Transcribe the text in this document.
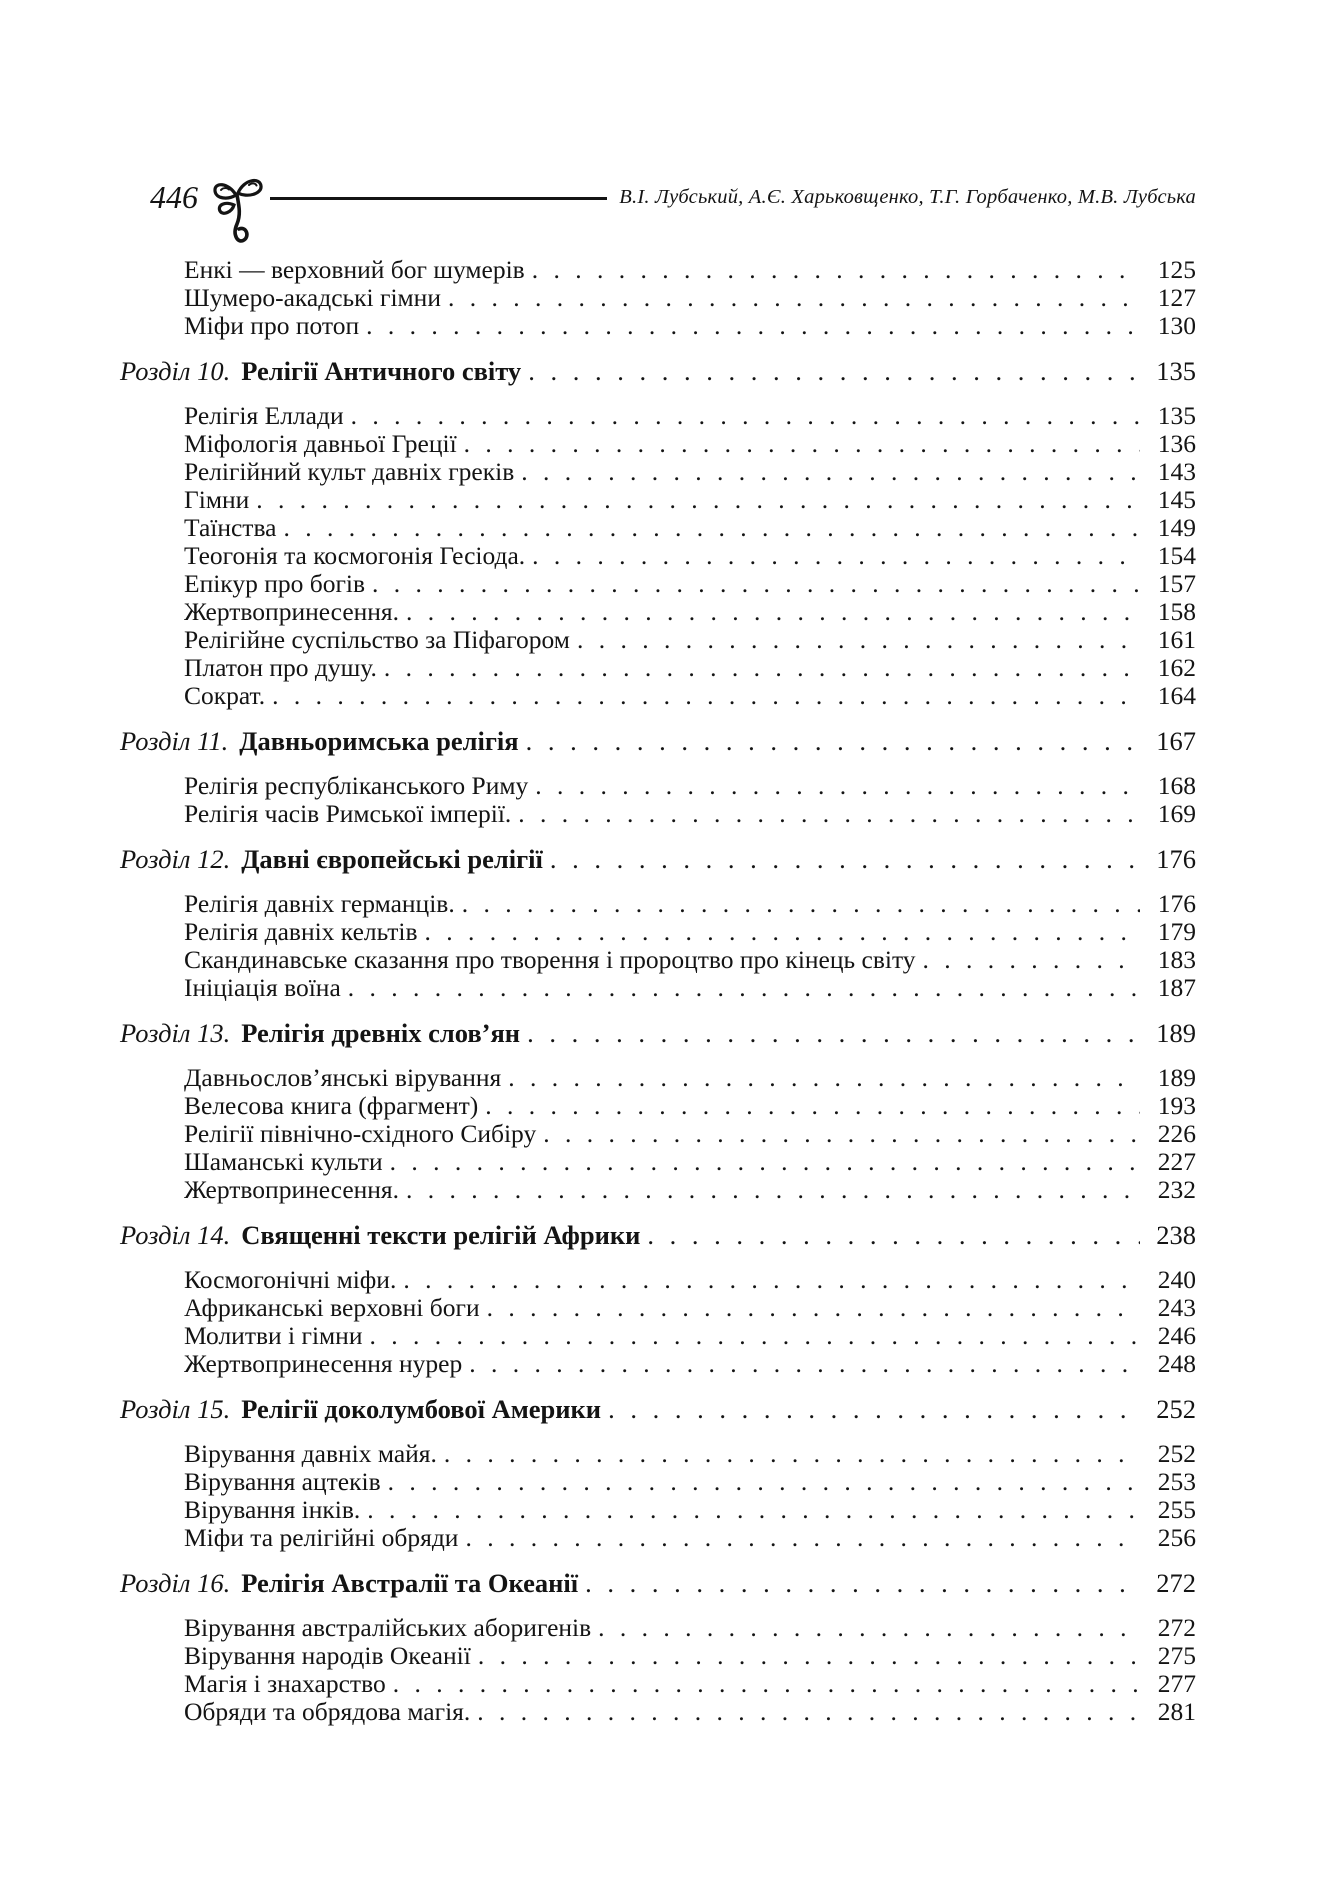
446	В.І. Лубський, А.Є. Харьковщенко, Т.Г. Горбаченко, М.В. Лубська
Енкі — верховний бог шумерів . . .	125
Шумеро-акадські гімни . . .	127
Міфи про потоп . . .	130
Розділ 10. Релігії Античного світу . . .	135
Релігія Еллади . . .	135
Міфологія давньої Греції . . .	136
Релігійний культ давніх греків . . .	143
Гімни . . .	145
Таїнства . . .	149
Теогонія та космогонія Гесіода. . . .	154
Епікур про богів . . .	157
Жертвопринесення. . . .	158
Релігійне суспільство за Піфагором . . .	161
Платон про душу. . . .	162
Сократ. . . .	164
Розділ 11. Давньоримська релігія . . .	167
Релігія республіканського Риму . . .	168
Релігія часів Римської імперії. . . .	169
Розділ 12. Давні європейські релігії . . .	176
Релігія давніх германців. . . .	176
Релігія давніх кельтів . . .	179
Скандинавське сказання про творення і пророцтво про кінець світу . . .	183
Ініціація воїна . . .	187
Розділ 13. Релігія древніх слов’ян . . .	189
Давньослов’янські вірування . . .	189
Велесова книга (фрагмент) . . .	193
Релігії північно-східного Сибіру . . .	226
Шаманські культи . . .	227
Жертвопринесення. . . .	232
Розділ 14. Священні тексти релігій Африки . . .	238
Космогонічні міфи. . . .	240
Африканські верховні боги . . .	243
Молитви і гімни . . .	246
Жертвопринесення нурер . . .	248
Розділ 15. Релігії доколумбової Америки . . .	252
Вірування давніх майя. . . .	252
Вірування ацтеків . . .	253
Вірування інків. . . .	255
Міфи та релігійні обряди . . .	256
Розділ 16. Релігія Австралії та Океанії . . .	272
Вірування австралійських аборигенів . . .	272
Вірування народів Океанії . . .	275
Магія і знахарство . . .	277
Обряди та обрядова магія. . . .	281
